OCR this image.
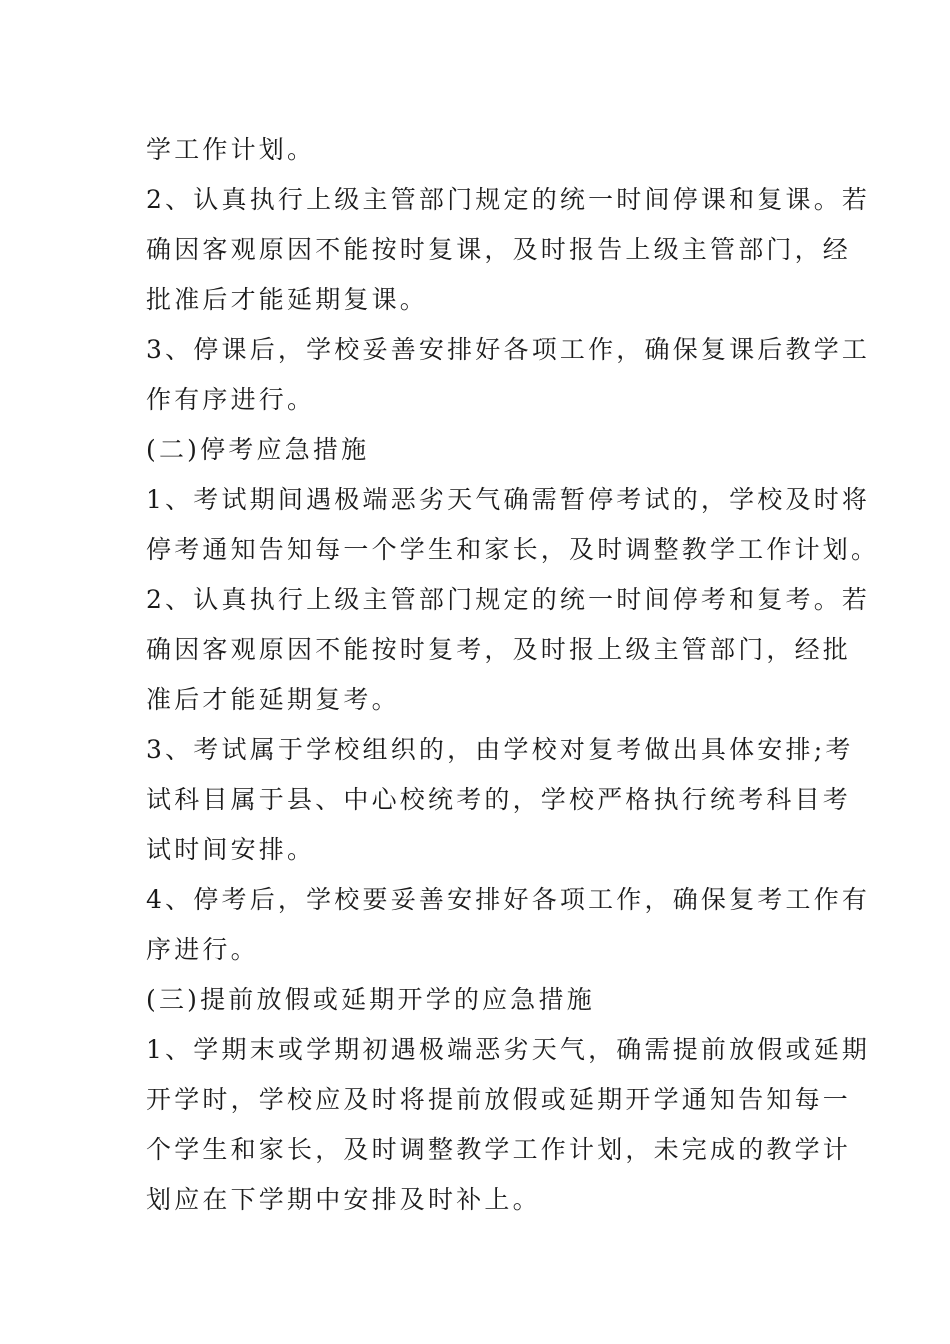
学工作计划。
2、认真执行上级主管部门规定的统一时间停课和复课。若
确因客观原因不能按时复课，及时报告上级主管部门，经
批准后才能延期复课。
3、停课后，学校妥善安排好各项工作，确保复课后教学工
作有序进行。
(二)停考应急措施
1、考试期间遇极端恶劣天气确需暂停考试的，学校及时将
停考通知告知每一个学生和家长，及时调整教学工作计划。
2、认真执行上级主管部门规定的统一时间停考和复考。若
确因客观原因不能按时复考，及时报上级主管部门，经批
准后才能延期复考。
3、考试属于学校组织的，由学校对复考做出具体安排;考
试科目属于县、中心校统考的，学校严格执行统考科目考
试时间安排。
4、停考后，学校要妥善安排好各项工作，确保复考工作有
序进行。
(三)提前放假或延期开学的应急措施
1、学期末或学期初遇极端恶劣天气，确需提前放假或延期
开学时，学校应及时将提前放假或延期开学通知告知每一
个学生和家长，及时调整教学工作计划，未完成的教学计
划应在下学期中安排及时补上。
